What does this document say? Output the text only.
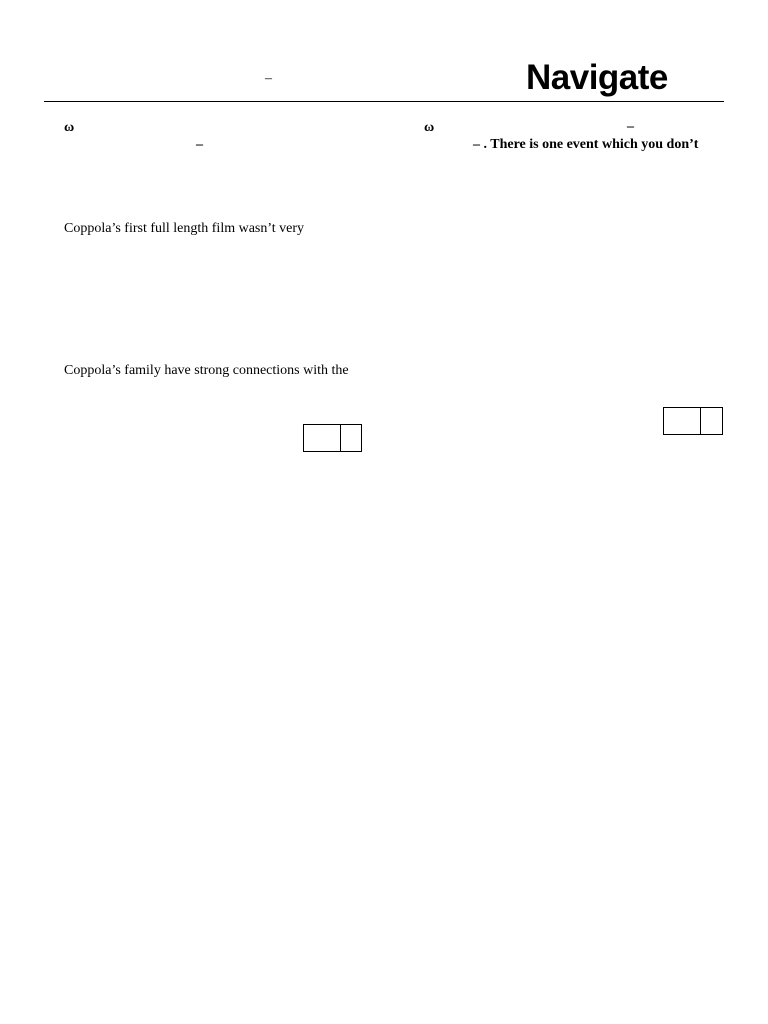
–	Navigate
ω
–
ω	–
– . There is one event which you don’t
Coppola’s first full length film wasn’t very
Coppola’s family have strong connections with the
